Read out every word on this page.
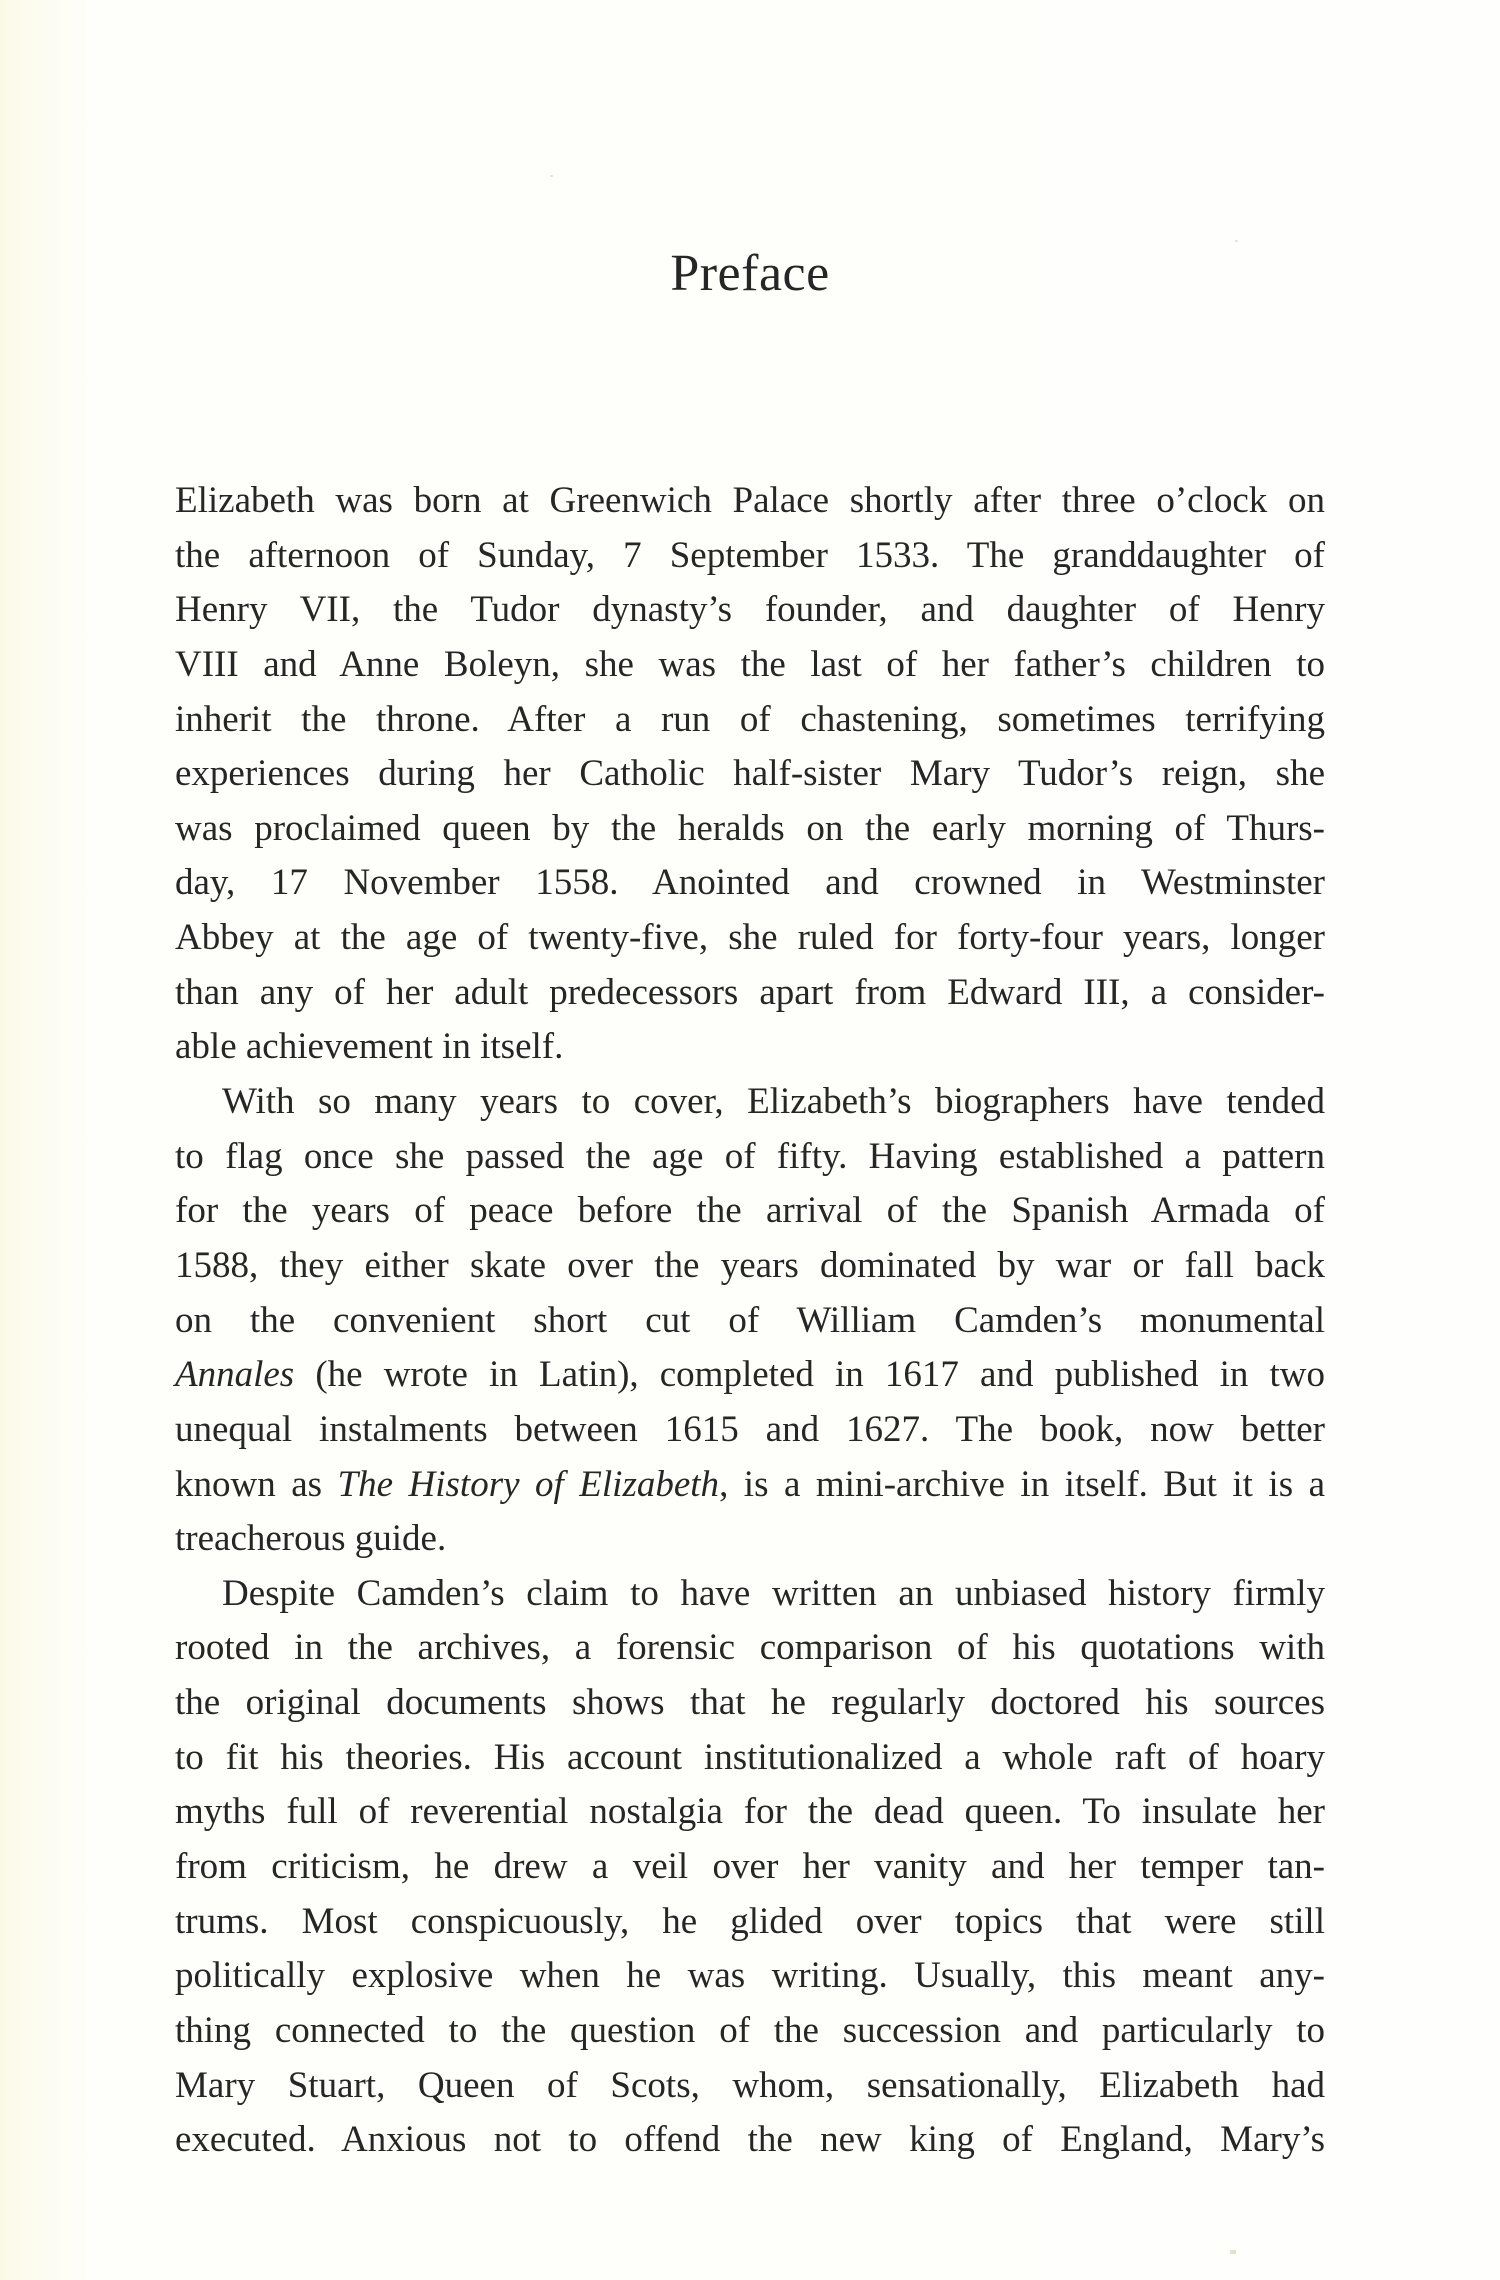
Preface
Elizabeth was born at Greenwich Palace shortly after three o’clock on
the afternoon of Sunday, 7 September 1533. The granddaughter of
Henry VII, the Tudor dynasty’s founder, and daughter of Henry
VIII and Anne Boleyn, she was the last of her father’s children to
inherit the throne. After a run of chastening, sometimes terrifying
experiences during her Catholic half-sister Mary Tudor’s reign, she
was proclaimed queen by the heralds on the early morning of Thurs-
day, 17 November 1558. Anointed and crowned in Westminster
Abbey at the age of twenty-five, she ruled for forty-four years, longer
than any of her adult predecessors apart from Edward III, a consider-
able achievement in itself.
With so many years to cover, Elizabeth’s biographers have tended
to flag once she passed the age of fifty. Having established a pattern
for the years of peace before the arrival of the Spanish Armada of
1588, they either skate over the years dominated by war or fall back
on the convenient short cut of William Camden’s monumental
Annales (he wrote in Latin), completed in 1617 and published in two
unequal instalments between 1615 and 1627. The book, now better
known as The History of Elizabeth, is a mini-archive in itself. But it is a
treacherous guide.
Despite Camden’s claim to have written an unbiased history firmly
rooted in the archives, a forensic comparison of his quotations with
the original documents shows that he regularly doctored his sources
to fit his theories. His account institutionalized a whole raft of hoary
myths full of reverential nostalgia for the dead queen. To insulate her
from criticism, he drew a veil over her vanity and her temper tan-
trums. Most conspicuously, he glided over topics that were still
politically explosive when he was writing. Usually, this meant any-
thing connected to the question of the succession and particularly to
Mary Stuart, Queen of Scots, whom, sensationally, Elizabeth had
executed. Anxious not to offend the new king of England, Mary’s
